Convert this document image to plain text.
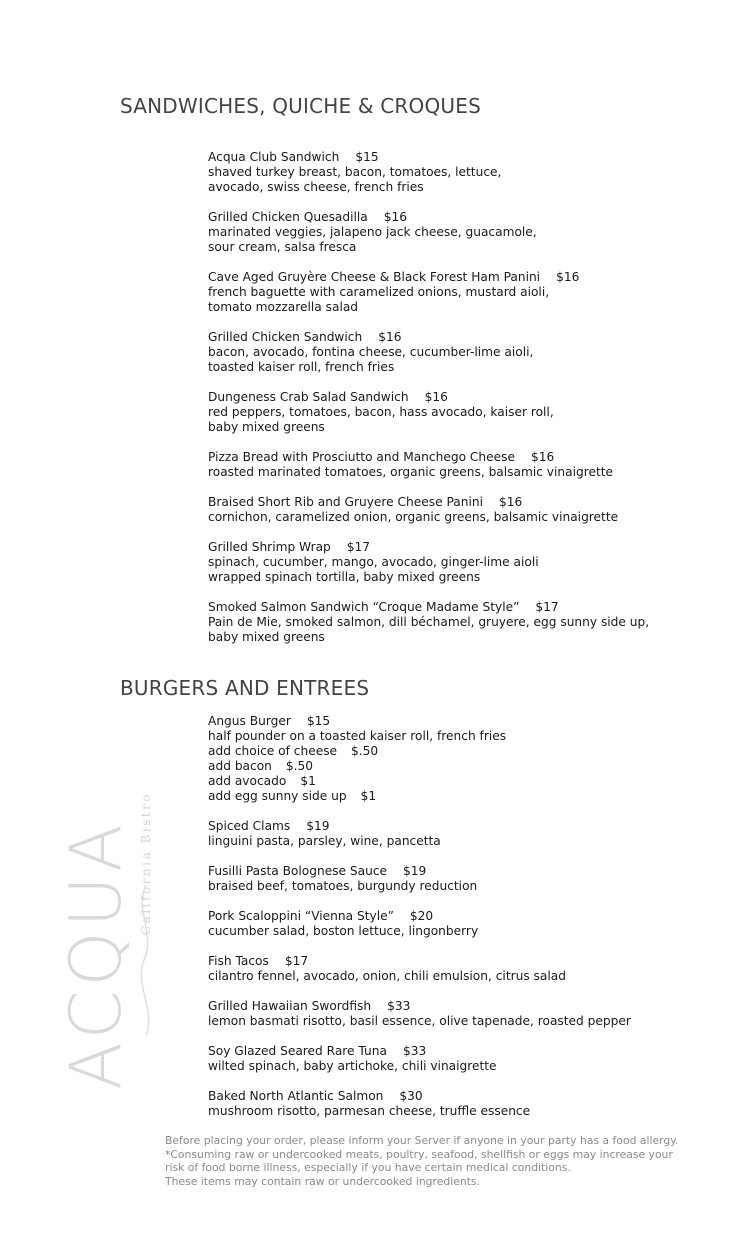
SANDWICHES, QUICHE & CROQUES
Acqua Club Sandwich $15
shaved turkey breast, bacon, tomatoes, lettuce,
avocado, swiss cheese, french fries
Grilled Chicken Quesadilla $16
marinated veggies, jalapeno jack cheese, guacamole,
sour cream, salsa fresca
Cave Aged Gruyère Cheese & Black Forest Ham Panini $16
french baguette with caramelized onions, mustard aioli,
tomato mozzarella salad
Grilled Chicken Sandwich $16
bacon, avocado, fontina cheese, cucumber-lime aioli,
toasted kaiser roll, french fries
Dungeness Crab Salad Sandwich $16
red peppers, tomatoes, bacon, hass avocado, kaiser roll,
baby mixed greens
Pizza Bread with Prosciutto and Manchego Cheese $16
roasted marinated tomatoes, organic greens, balsamic vinaigrette
Braised Short Rib and Gruyere Cheese Panini $16
cornichon, caramelized onion, organic greens, balsamic vinaigrette
Grilled Shrimp Wrap $17
spinach, cucumber, mango, avocado, ginger-lime aioli
wrapped spinach tortilla, baby mixed greens
Smoked Salmon Sandwich “Croque Madame Style” $17
Pain de Mie, smoked salmon, dill béchamel, gruyere, egg sunny side up,
baby mixed greens
BURGERS AND ENTREES
Angus Burger $15
half pounder on a toasted kaiser roll, french fries
add choice of cheese $.50
add bacon $.50
add avocado $1
add egg sunny side up $1
Spiced Clams $19
linguini pasta, parsley, wine, pancetta
Fusilli Pasta Bolognese Sauce $19
braised beef, tomatoes, burgundy reduction
Pork Scaloppini “Vienna Style” $20
cucumber salad, boston lettuce, lingonberry
Fish Tacos $17
cilantro fennel, avocado, onion, chili emulsion, citrus salad
Grilled Hawaiian Swordfish $33
lemon basmati risotto, basil essence, olive tapenade, roasted pepper
Soy Glazed Seared Rare Tuna $33
wilted spinach, baby artichoke, chili vinaigrette
Baked North Atlantic Salmon $30
mushroom risotto, parmesan cheese, truffle essence
ACQUA California Bistro

Before placing your order, please inform your Server if anyone in your party has a food allergy.

*Consuming raw or undercooked meats, poultry, seafood, shellfish or eggs may increase your

risk of food borne illness, especially if you have certain medical conditions.

These items may contain raw or undercooked ingredients.
